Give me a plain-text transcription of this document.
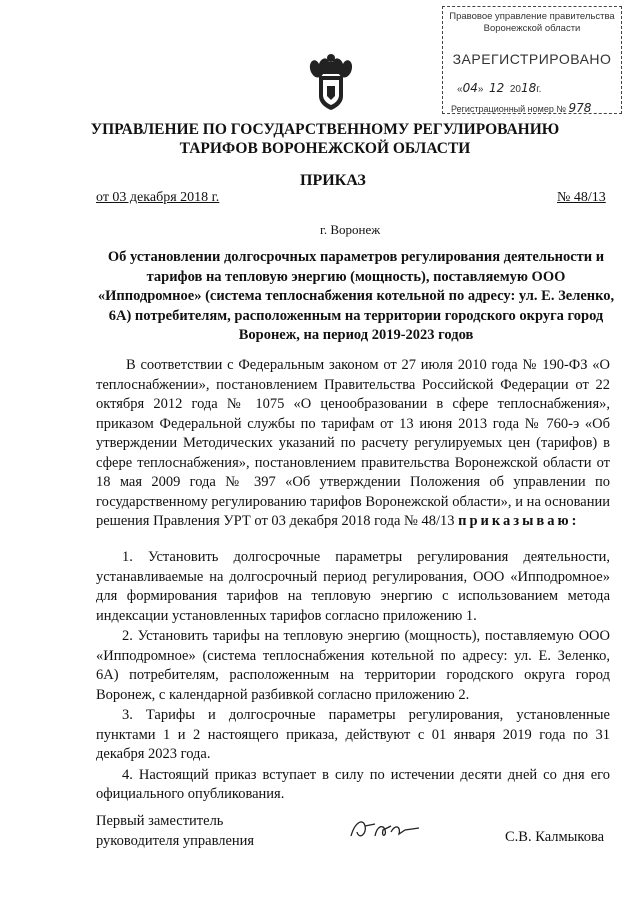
Правовое управление правительства
Воронежской области
ЗАРЕГИСТРИРОВАНО
«04»  12 2018г.
Регистрационный номер № 978
УПРАВЛЕНИЕ ПО ГОСУДАРСТВЕННОМУ РЕГУЛИРОВАНИЮ
ТАРИФОВ ВОРОНЕЖСКОЙ ОБЛАСТИ
ПРИКАЗ
от 03 декабря 2018 г.	№ 48/13
г. Воронеж
Об установлении долгосрочных параметров регулирования деятельности и тарифов на тепловую энергию (мощность), поставляемую ООО «Ипподромное» (система теплоснабжения котельной по адресу: ул. Е. Зеленко, 6А) потребителям, расположенным на территории городского округа город Воронеж, на период 2019-2023 годов
В соответствии с Федеральным законом от 27 июля 2010 года № 190-ФЗ «О теплоснабжении», постановлением Правительства Российской Федерации от 22 октября 2012 года № 1075 «О ценообразовании в сфере теплоснабжения», приказом Федеральной службы по тарифам от 13 июня 2013 года № 760-э «Об утверждении Методических указаний по расчету регулируемых цен (тарифов) в сфере теплоснабжения», постановлением правительства Воронежской области от 18 мая 2009 года № 397 «Об утверждении Положения об управлении по государственному регулированию тарифов Воронежской области», и на основании решения Правления УРТ от 03 декабря 2018 года № 48/13 приказываю:

1. Установить долгосрочные параметры регулирования деятельности, устанавливаемые на долгосрочный период регулирования, ООО «Ипподромное» для формирования тарифов на тепловую энергию с использованием метода индексации установленных тарифов согласно приложению 1.

2. Установить тарифы на тепловую энергию (мощность), поставляемую ООО «Ипподромное» (система теплоснабжения котельной по адресу: ул. Е. Зеленко, 6А) потребителям, расположенным на территории городского округа город Воронеж, с календарной разбивкой согласно приложению 2.

3. Тарифы и долгосрочные параметры регулирования, установленные пунктами 1 и 2 настоящего приказа, действуют с 01 января 2019 года по 31 декабря 2023 года.

4. Настоящий приказ вступает в силу по истечении десяти дней со дня его официального опубликования.

Первый заместитель
руководителя управления	С.В. Калмыкова
